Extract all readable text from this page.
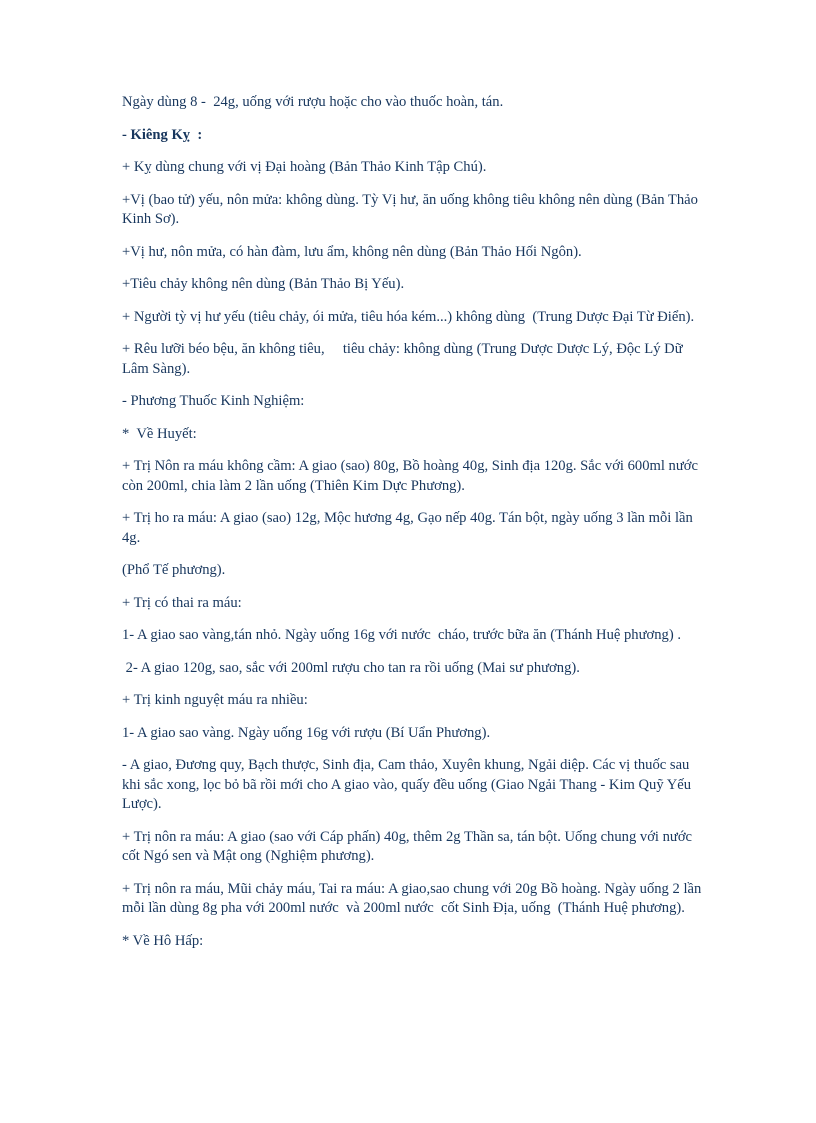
Ngày dùng 8 -  24g, uống với rượu hoặc cho vào thuốc hoàn, tán.

- Kiêng Kỵ  :

+ Kỵ dùng chung với vị Đại hoàng (Bản Thảo Kinh Tập Chú).

+Vị (bao tử) yếu, nôn mửa: không dùng. Tỳ Vị hư, ăn uống không tiêu không nên dùng (Bản Thảo Kinh Sơ).

+Vị hư, nôn mửa, có hàn đàm, lưu ẩm, không nên dùng (Bản Thảo Hối Ngôn).

+Tiêu chảy không nên dùng (Bản Thảo Bị Yếu).

+ Người tỳ vị hư yếu (tiêu chảy, ói mửa, tiêu hóa kém...) không dùng  (Trung Dược Đại Từ Điển).

+ Rêu lưỡi béo bệu, ăn không tiêu,     tiêu chảy: không dùng (Trung Dược Dược Lý, Độc Lý Dữ Lâm Sàng).

- Phương Thuốc Kinh Nghiệm:

*  Về Huyết:

+ Trị Nôn ra máu không cầm: A giao (sao) 80g, Bồ hoàng 40g, Sinh địa 120g. Sắc với 600ml nước còn 200ml, chia làm 2 lần uống (Thiên Kim Dực Phương).

+ Trị ho ra máu: A giao (sao) 12g, Mộc hương 4g, Gạo nếp 40g. Tán bột, ngày uống 3 lần mỗi lần 4g.

(Phổ Tế phương).

+ Trị có thai ra máu:

1- A giao sao vàng,tán nhỏ. Ngày uống 16g với nước  cháo, trước bữa ăn (Thánh Huệ phương) .

2- A giao 120g, sao, sắc với 200ml rượu cho tan ra rồi uống (Mai sư phương).

+ Trị kinh nguyệt máu ra nhiều:

1- A giao sao vàng. Ngày uống 16g với rượu (Bí Uẩn Phương).

- A giao, Đương quy, Bạch thược, Sinh địa, Cam thảo, Xuyên khung, Ngải diệp. Các vị thuốc sau khi sắc xong, lọc bỏ bã rồi mới cho A giao vào, quấy đều uống (Giao Ngải Thang - Kim Quỹ Yếu Lược).

+ Trị nôn ra máu: A giao (sao với Cáp phấn) 40g, thêm 2g Thần sa, tán bột. Uống chung với nước cốt Ngó sen và Mật ong (Nghiệm phương).

+ Trị nôn ra máu, Mũi chảy máu, Tai ra máu: A giao,sao chung với 20g Bồ hoàng. Ngày uống 2 lần mỗi lần dùng 8g pha với 200ml nước  và 200ml nước  cốt Sinh Địa, uống  (Thánh Huệ phương).

* Về Hô Hấp:
